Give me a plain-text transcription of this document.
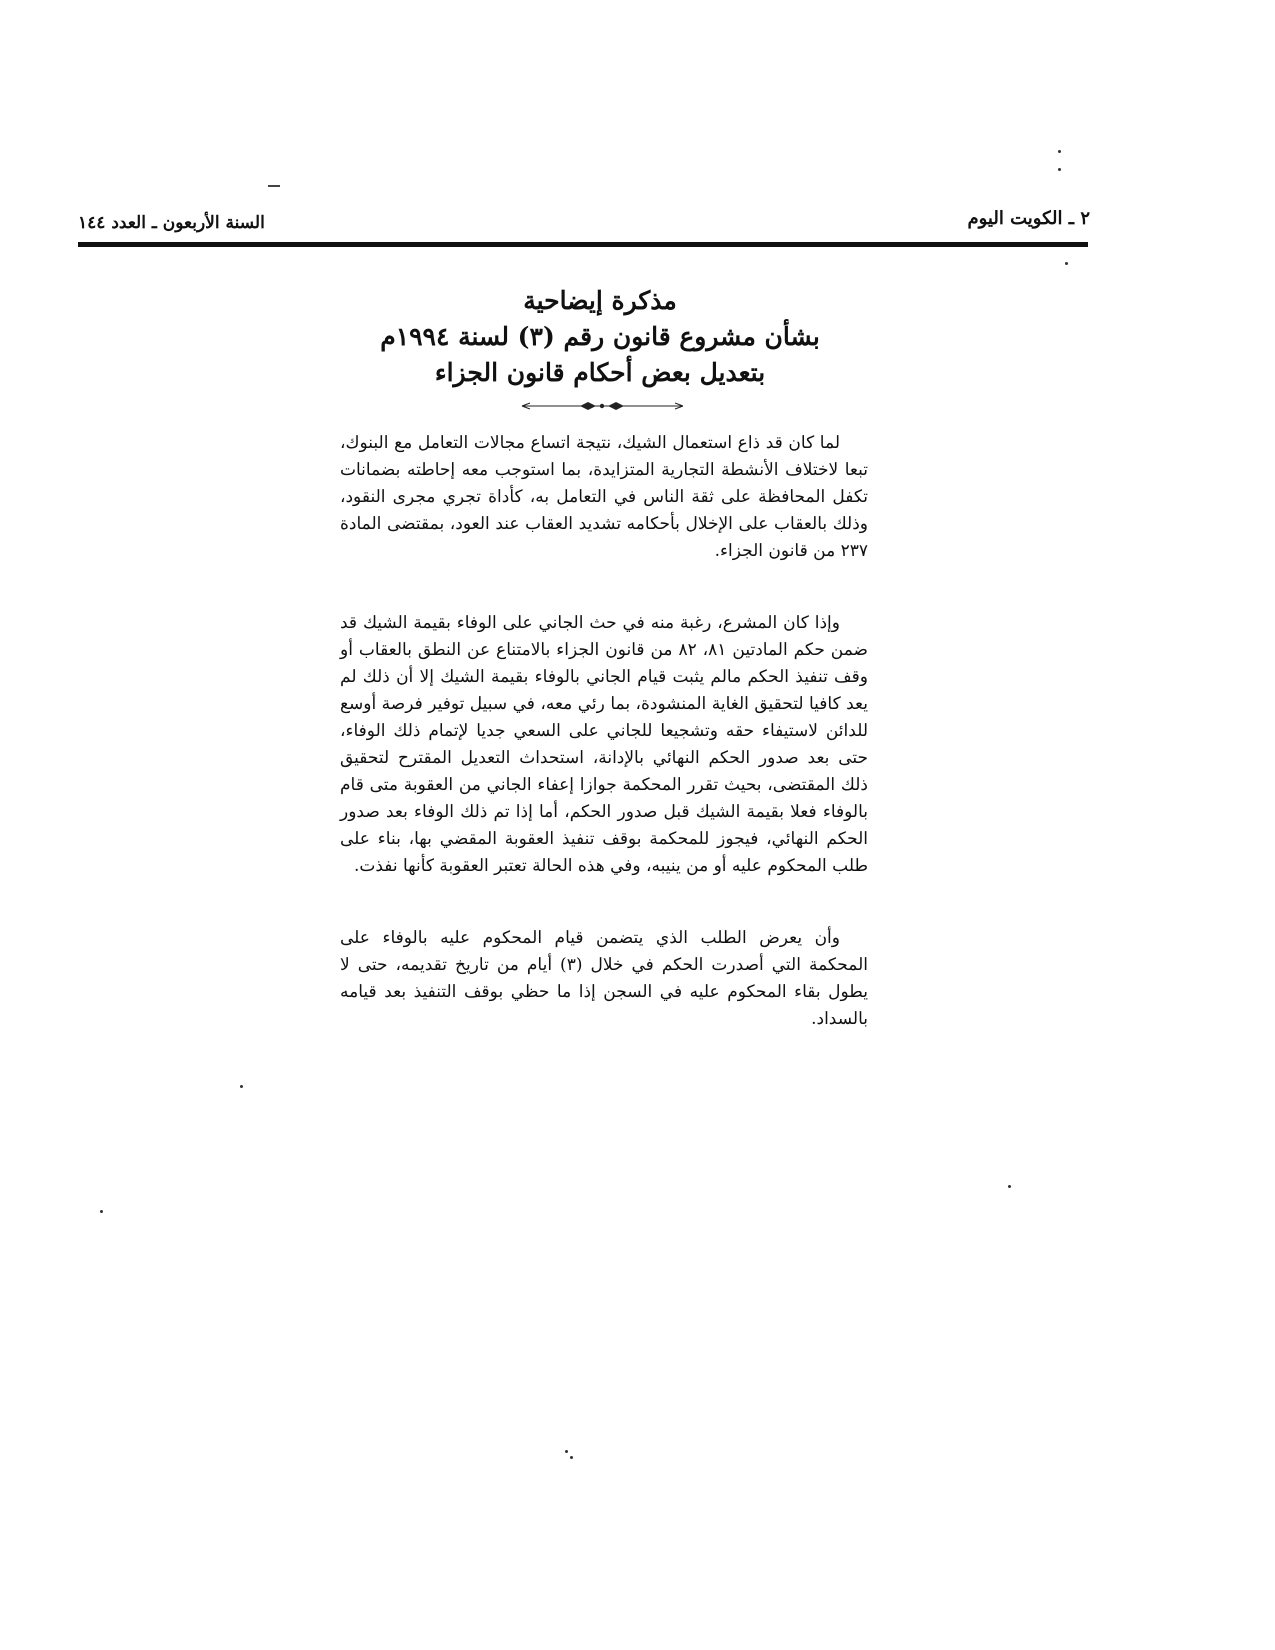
٢ ـ الكويت اليوم
السنة الأربعون ـ العدد ١٤٤
مذكرة إيضاحية
بشأن مشروع قانون رقم (٣) لسنة ١٩٩٤م
بتعديل بعض أحكام قانون الجزاء

لما كان قد ذاع استعمال الشيك، نتيجة اتساع مجالات التعامل مع البنوك، تبعا لاختلاف الأنشطة التجارية المتزايدة، بما استوجب معه إحاطته بضمانات تكفل المحافظة على ثقة الناس في التعامل به، كأداة تجري مجرى النقود، وذلك بالعقاب على الإخلال بأحكامه تشديد العقاب عند العود، بمقتضى المادة ٢٣٧ من قانون الجزاء.

وإذا كان المشرع، رغبة منه في حث الجاني على الوفاء بقيمة الشيك قد ضمن حكم المادتين ٨١، ٨٢ من قانون الجزاء بالامتناع عن النطق بالعقاب أو وقف تنفيذ الحكم مالم يثبت قيام الجاني بالوفاء بقيمة الشيك إلا أن ذلك لم يعد كافيا لتحقيق الغاية المنشودة، بما رئي معه، في سبيل توفير فرصة أوسع للدائن لاستيفاء حقه وتشجيعا للجاني على السعي جديا لإتمام ذلك الوفاء، حتى بعد صدور الحكم النهائي بالإدانة، استحداث التعديل المقترح لتحقيق ذلك المقتضى، بحيث تقرر المحكمة جوازا إعفاء الجاني من العقوبة متى قام بالوفاء فعلا بقيمة الشيك قبل صدور الحكم، أما إذا تم ذلك الوفاء بعد صدور الحكم النهائي، فيجوز للمحكمة بوقف تنفيذ العقوبة المقضي بها، بناء على طلب المحكوم عليه أو من ينيبه، وفي هذه الحالة تعتبر العقوبة كأنها نفذت.

وأن يعرض الطلب الذي يتضمن قيام المحكوم عليه بالوفاء على المحكمة التي أصدرت الحكم في خلال (٣) أيام من تاريخ تقديمه، حتى لا يطول بقاء المحكوم عليه في السجن إذا ما حظي بوقف التنفيذ بعد قيامه بالسداد.
